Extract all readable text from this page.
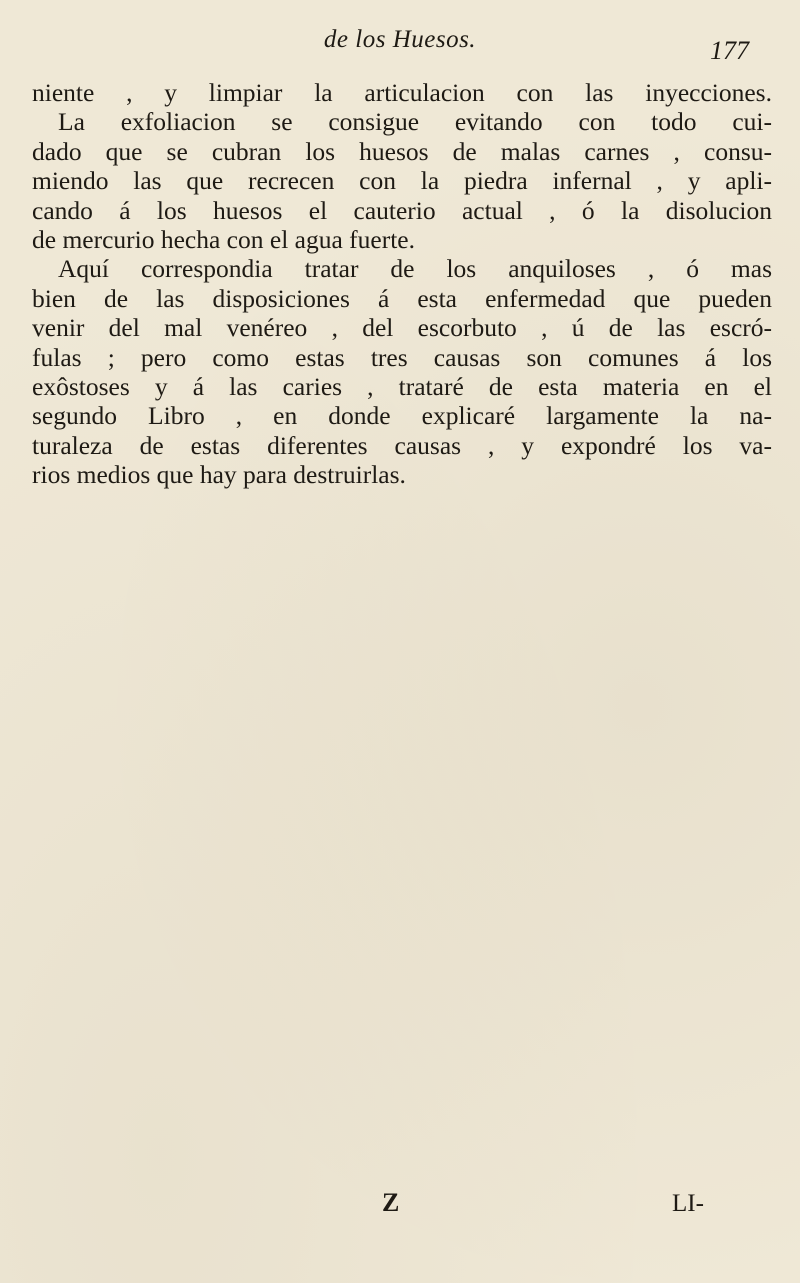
de los Huesos.	177
niente , y limpiar la articulacion con las inyecciones.
La exfoliacion se consigue evitando con todo cui-
dado que se cubran los huesos de malas carnes , consu-
miendo las que recrecen con la piedra infernal , y apli-
cando á los huesos el cauterio actual , ó la disolucion
de mercurio hecha con el agua fuerte.
Aquí correspondia tratar de los anquiloses , ó mas
bien de las disposiciones á esta enfermedad que pueden
venir del mal venéreo , del escorbuto , ú de las escró-
fulas ; pero como estas tres causas son comunes á los
exôstoses y á las caries , trataré de esta materia en el
segundo Libro , en donde explicaré largamente la na-
turaleza de estas diferentes causas , y expondré los va-
rios medios que hay para destruirlas.
Z	LI-
